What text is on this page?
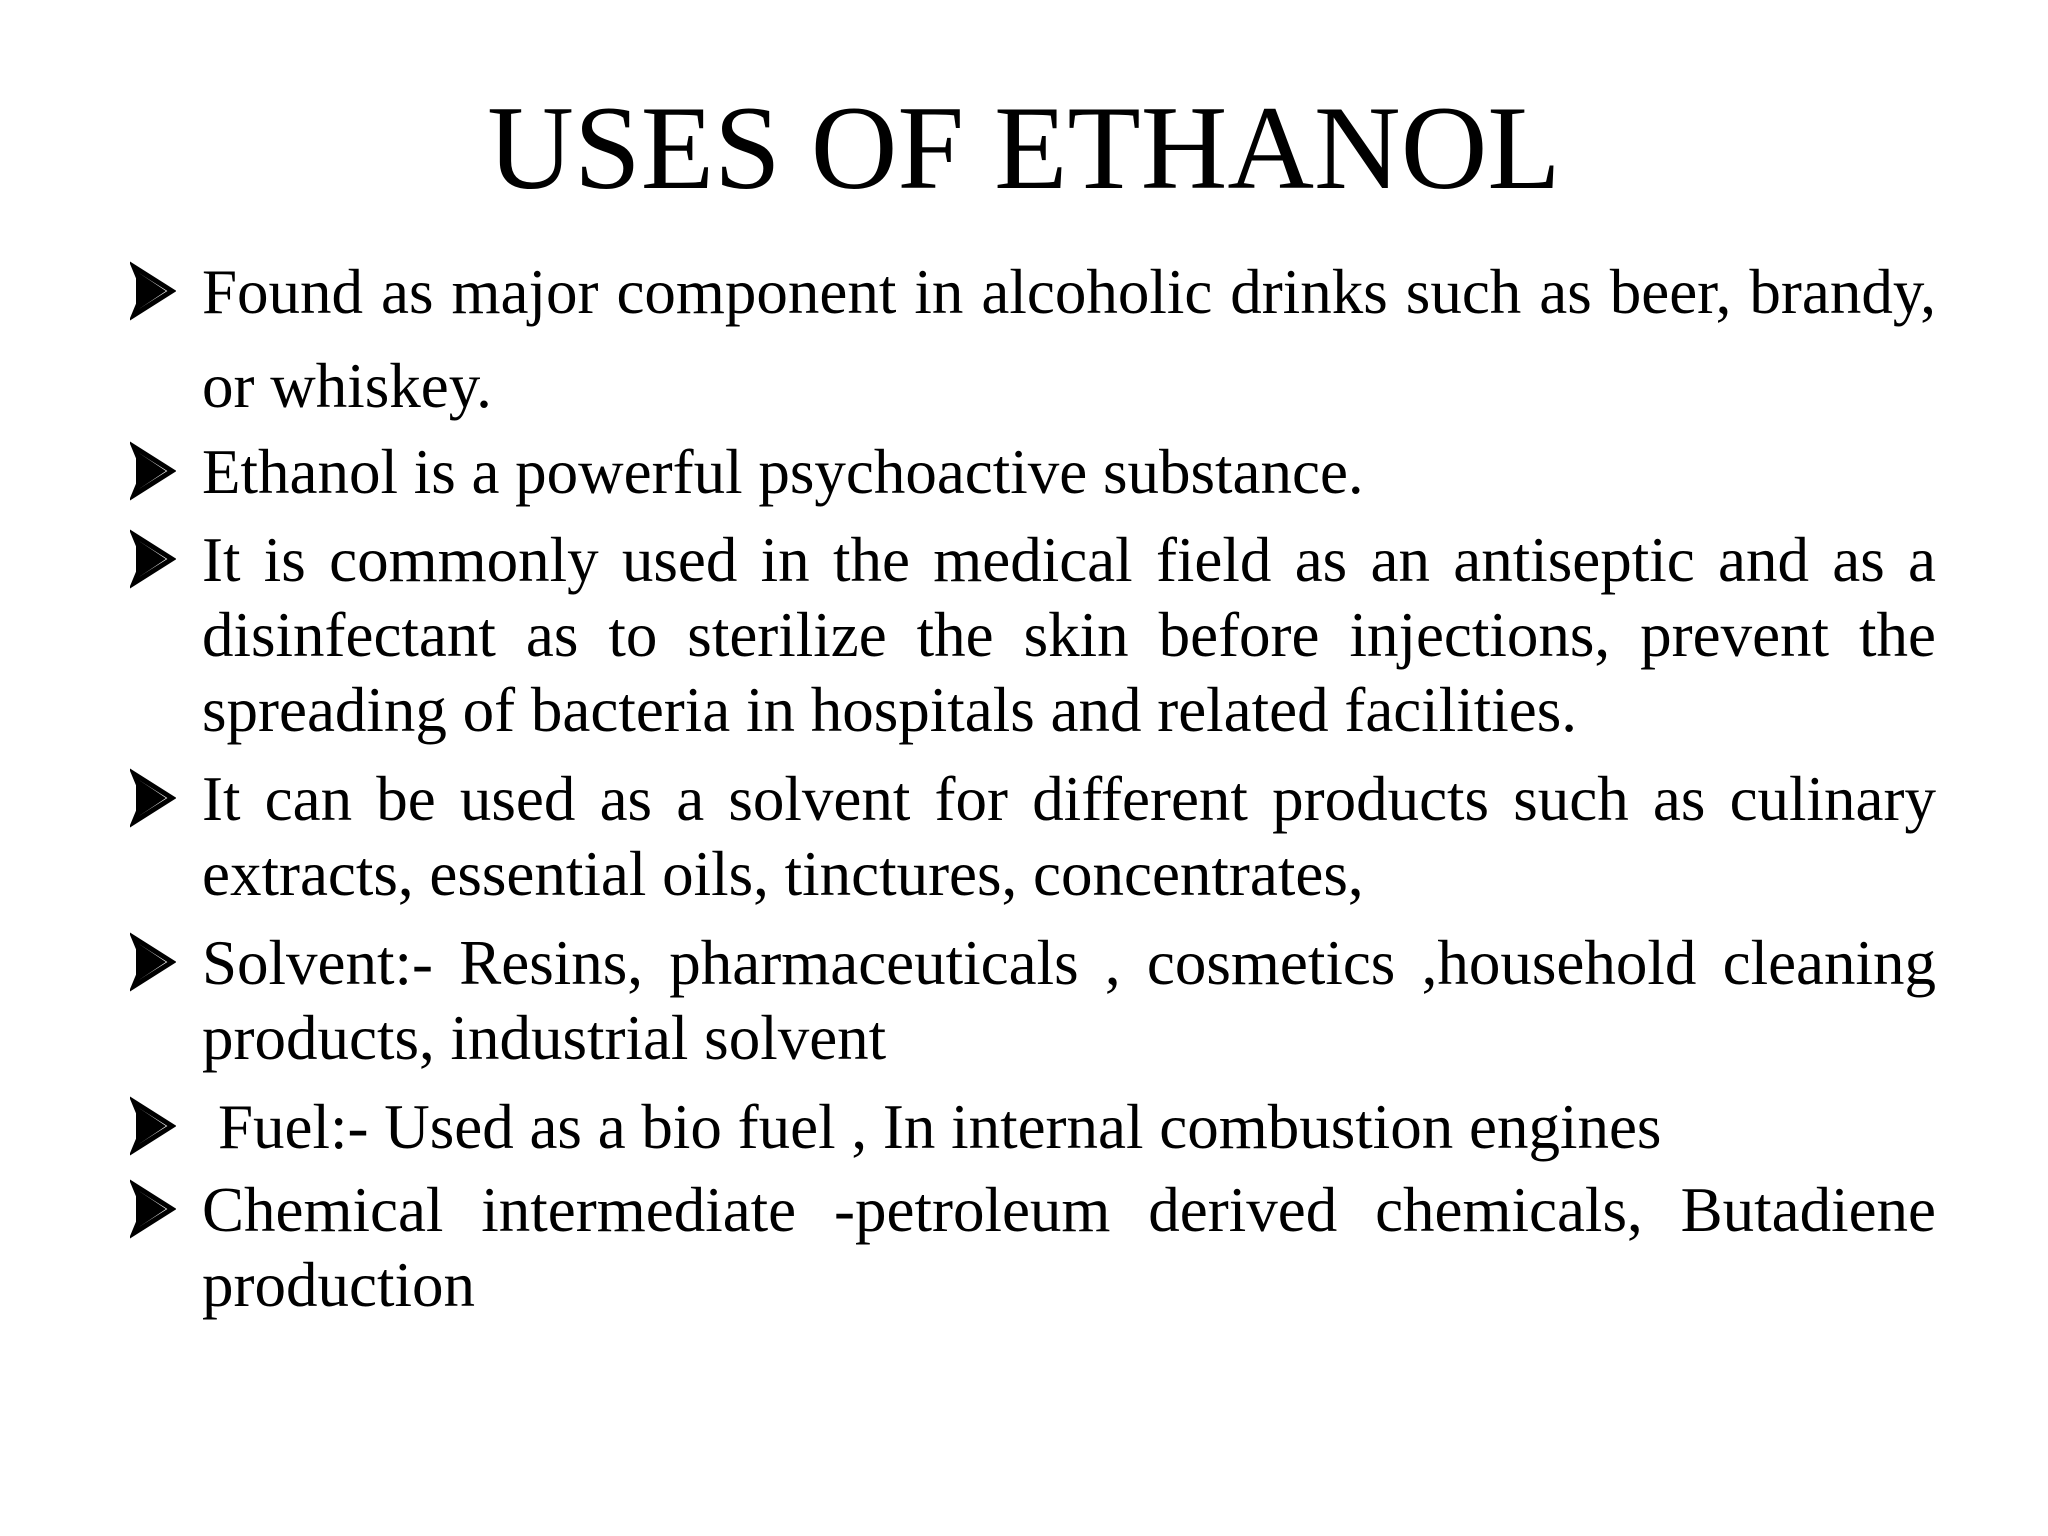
USES OF ETHANOL
Found as major component in alcoholic drinks such as beer, brandy, or whiskey.
Ethanol is a powerful psychoactive substance.
It is commonly used in the medical field as an antiseptic and as a disinfectant as to sterilize the skin before injections, prevent the spreading of bacteria in hospitals and related facilities.
It can be used as a solvent for different products such as culinary extracts, essential oils, tinctures, concentrates,
Solvent:- Resins, pharmaceuticals , cosmetics ,household cleaning products, industrial solvent
Fuel:- Used as a bio fuel , In internal combustion engines
Chemical intermediate -petroleum derived chemicals, Butadiene production
